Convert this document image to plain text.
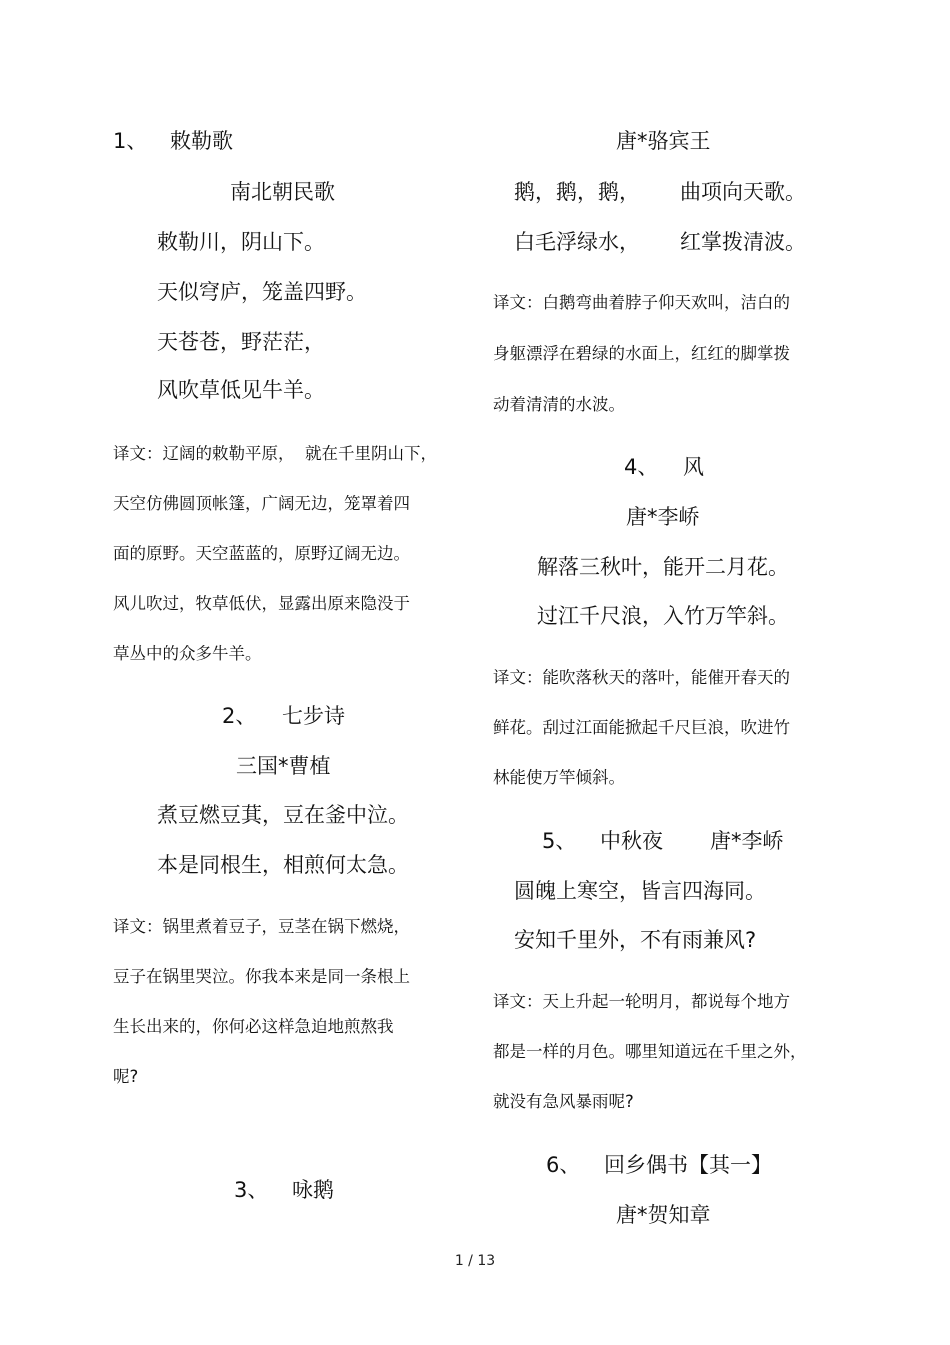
1、 敕勒歌
南北朝民歌
敕勒川，阴山下。
天似穹庐，笼盖四野。
天苍苍，野茫茫，
风吹草低见牛羊。
译文：辽阔的敕勒平原，  就在千里阴山下，
天空仿佛圆顶帐篷，广阔无边，笼罩着四
面的原野。天空蓝蓝的，原野辽阔无边。
风儿吹过，牧草低伏，显露出原来隐没于
草丛中的众多牛羊。
2、 七步诗
三国*曹植
煮豆燃豆萁，豆在釜中泣。
本是同根生，相煎何太急。
译文：锅里煮着豆子，豆茎在锅下燃烧，
豆子在锅里哭泣。你我本来是同一条根上
生长出来的，你何必这样急迫地煎熬我
呢?
3、 咏鹅
唐*骆宾王
鹅，鹅，鹅，      曲项向天歌。
白毛浮绿水，      红掌拨清波。
译文：白鹅弯曲着脖子仰天欢叫，洁白的
身躯漂浮在碧绿的水面上，红红的脚掌拨
动着清清的水波。
4、 风
唐*李峤
解落三秋叶，能开二月花。
过江千尺浪，入竹万竿斜。
译文：能吹落秋天的落叶，能催开春天的
鲜花。刮过江面能掀起千尺巨浪，吹进竹
林能使万竿倾斜。
5、 中秋夜 唐*李峤
圆魄上寒空，皆言四海同。
安知千里外，不有雨兼风?
译文：天上升起一轮明月，都说每个地方
都是一样的月色。哪里知道远在千里之外，
就没有急风暴雨呢?
6、 回乡偶书【其一】
唐*贺知章
1 / 13
